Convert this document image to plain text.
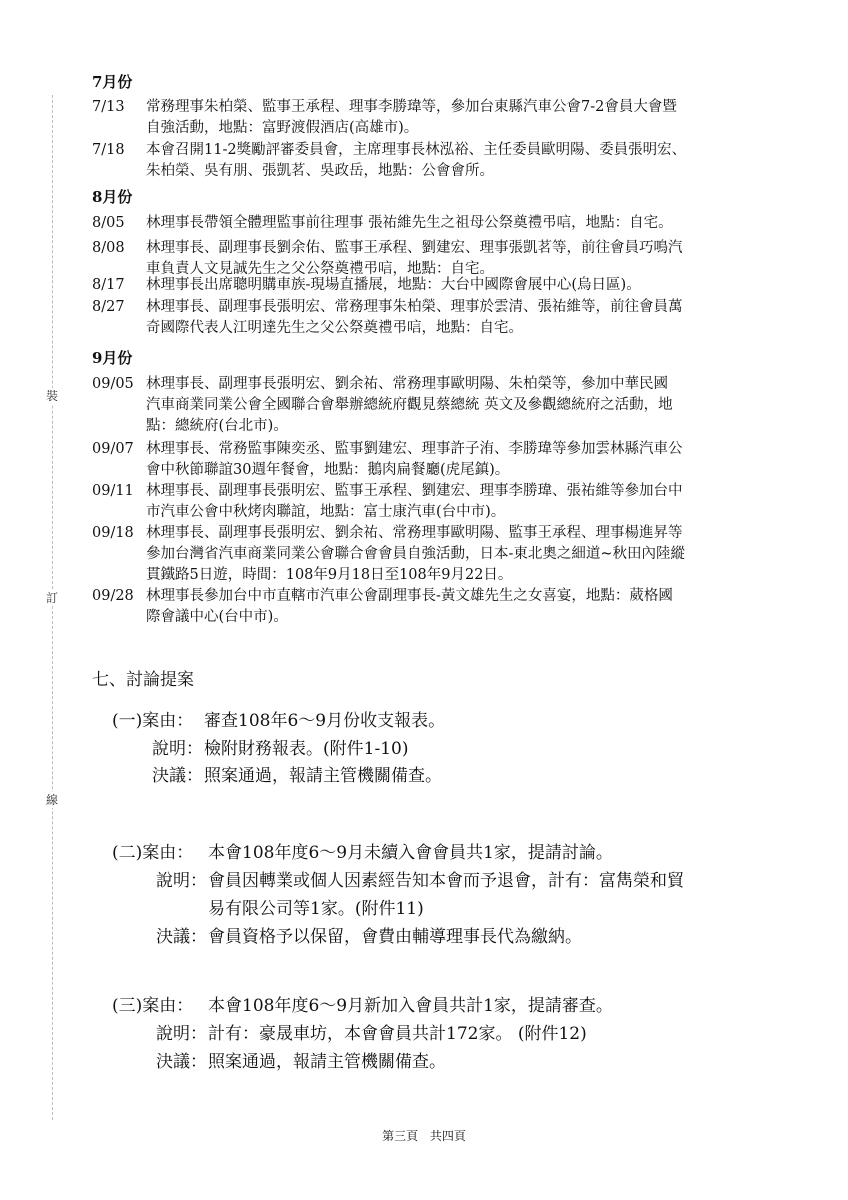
裝
訂
線
7月份
7/13 常務理事朱柏榮、監事王承程、理事李勝瑋等，參加台東縣汽車公會7-2會員大會暨
自強活動，地點：富野渡假酒店(高雄市)。
7/18 本會召開11-2獎勵評審委員會，主席理事長林泓裕、主任委員歐明陽、委員張明宏、
朱柏榮、吳有朋、張凱茗、吳政岳，地點：公會會所。
8月份
8/05 林理事長帶領全體理監事前往理事 張祐維先生之祖母公祭奠禮弔唁，地點：自宅。
8/08 林理事長、副理事長劉余佑、監事王承程、劉建宏、理事張凱茗等，前往會員巧鳴汽
車負責人文見誠先生之父公祭奠禮弔唁，地點：自宅。
8/17 林理事長出席聰明購車族-現場直播展，地點：大台中國際會展中心(烏日區)。
8/27 林理事長、副理事長張明宏、常務理事朱柏榮、理事於雲清、張祐維等，前往會員萬
奇國際代表人江明達先生之父公祭奠禮弔唁，地點：自宅。
9月份
09/05 林理事長、副理事長張明宏、劉余祐、常務理事歐明陽、朱柏榮等，參加中華民國
汽車商業同業公會全國聯合會舉辦總統府觀見蔡總統 英文及參觀總統府之活動，地
點：總統府(台北市)。
09/07 林理事長、常務監事陳奕丞、監事劉建宏、理事許子洧、李勝瑋等參加雲林縣汽車公
會中秋節聯誼30週年餐會，地點：鵝肉扁餐廳(虎尾鎮)。
09/11 林理事長、副理事長張明宏、監事王承程、劉建宏、理事李勝瑋、張祐維等參加台中
市汽車公會中秋烤肉聯誼，地點：富士康汽車(台中市)。
09/18 林理事長、副理事長張明宏、劉余祐、常務理事歐明陽、監事王承程、理事楊進昇等
參加台灣省汽車商業同業公會聯合會會員自強活動，日本-東北奧之細道~秋田內陸縱
貫鐵路5日遊，時間：108年9月18日至108年9月22日。
09/28 林理事長參加台中市直轄市汽車公會副理事長-黃文雄先生之女喜宴，地點：葳格國
際會議中心(台中市)。
七、討論提案
(一)案由： 審查108年6～9月份收支報表。
說明： 檢附財務報表。(附件1-10)
決議： 照案通過，報請主管機關備查。
(二)案由： 本會108年度6～9月未續入會會員共1家，提請討論。
說明： 會員因轉業或個人因素經告知本會而予退會，計有：富雋榮和貿
易有限公司等1家。(附件11)
決議： 會員資格予以保留，會費由輔導理事長代為繳納。
(三)案由： 本會108年度6～9月新加入會員共計1家，提請審查。
說明： 計有：豪晟車坊，本會會員共計172家。 (附件12)
決議： 照案通過，報請主管機關備查。
第三頁 共四頁
